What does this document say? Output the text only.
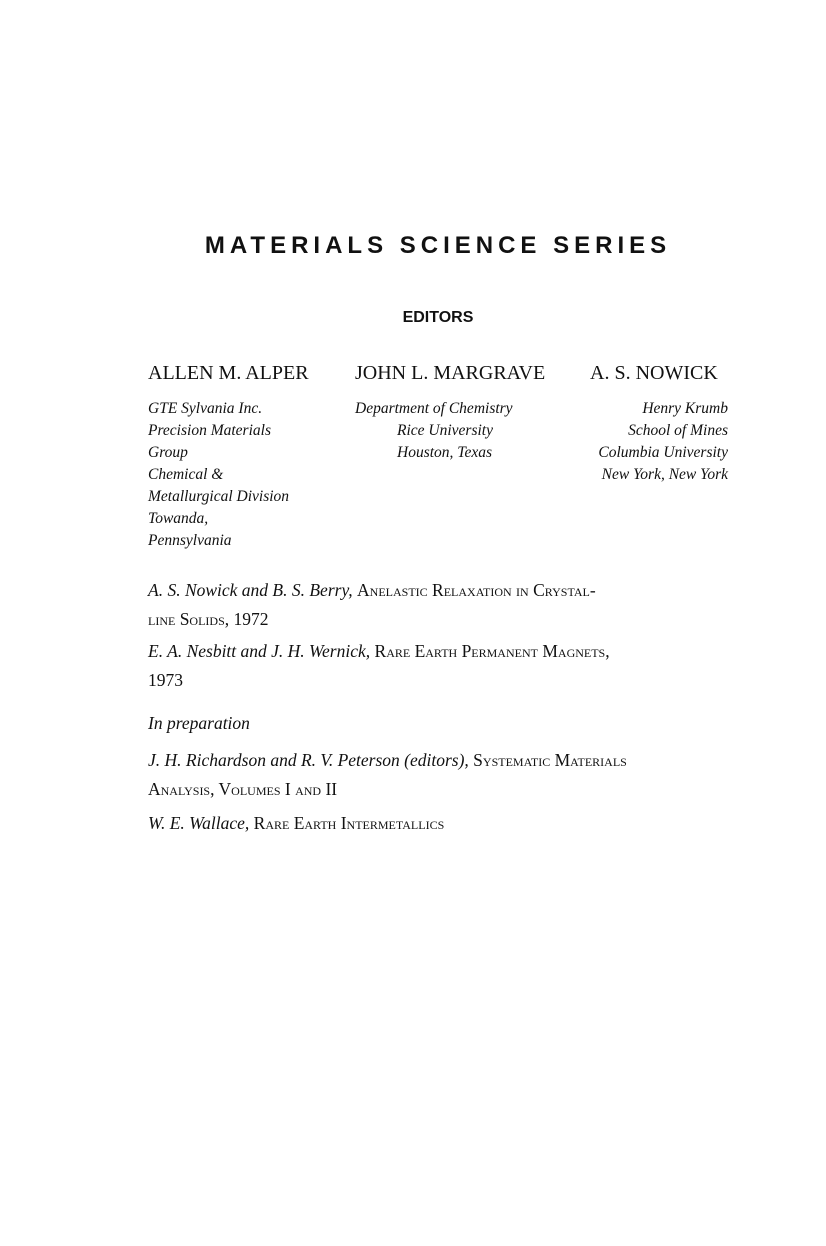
MATERIALS SCIENCE SERIES
EDITORS
ALLEN M. ALPER JOHN L. MARGRAVE A. S. NOWICK
GTE Sylvania Inc.
Precision Materials
Group
Chemical &
Metallurgical Division
Towanda,
Pennsylvania
Department of Chemistry
Rice University
Houston, Texas
Henry Krumb
School of Mines
Columbia University
New York, New York
A. S. Nowick and B. S. Berry, Anelastic Relaxation in Crystal-
line Solids, 1972
E. A. Nesbitt and J. H. Wernick, Rare Earth Permanent Magnets,
1973
In preparation
J. H. Richardson and R. V. Peterson (editors), Systematic Materials
Analysis, Volumes I and II
W. E. Wallace, Rare Earth Intermetallics
